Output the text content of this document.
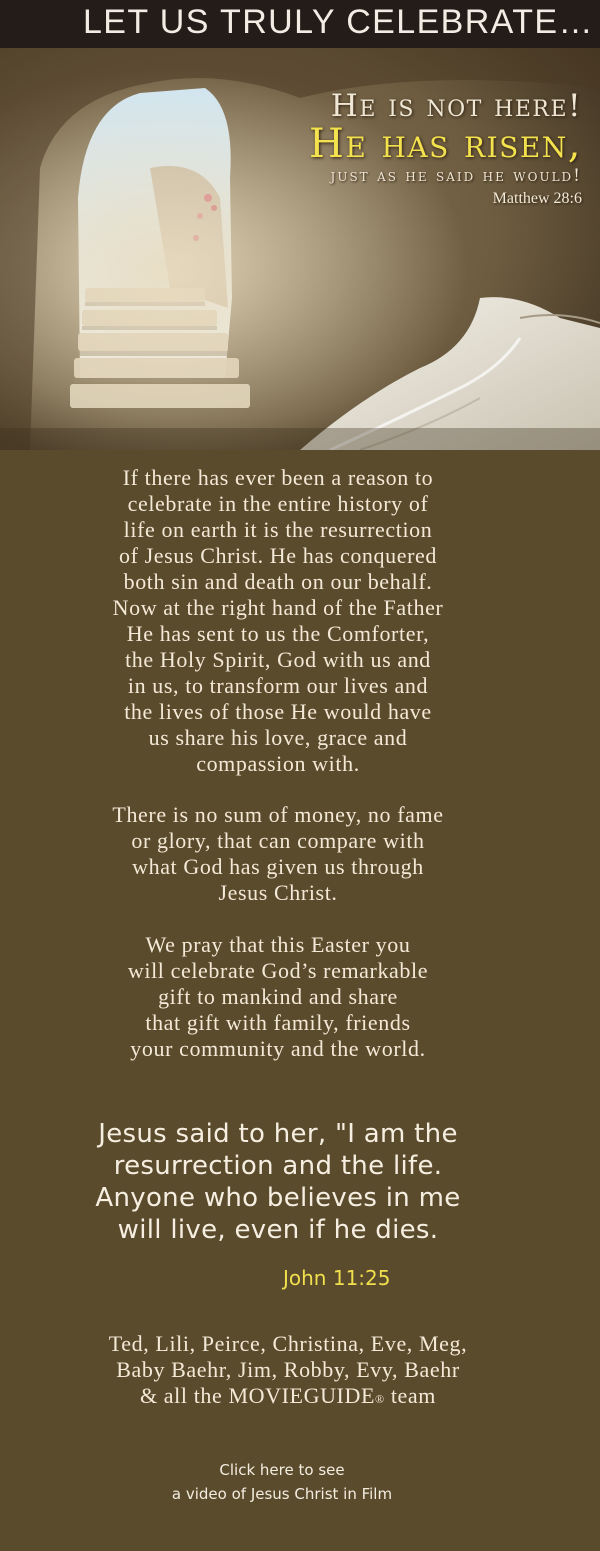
LET US TRULY CELEBRATE…
He is not here!
He has risen,
just as he said he would!
Matthew 28:6
If there has ever been a reason to
celebrate in the entire history of
life on earth it is the resurrection
of Jesus Christ. He has conquered
both sin and death on our behalf.
Now at the right hand of the Father
He has sent to us the Comforter,
the Holy Spirit, God with us and
in us, to transform our lives and
the lives of those He would have
us share his love, grace and
compassion with.
There is no sum of money, no fame
or glory, that can compare with
what God has given us through
Jesus Christ.
We pray that this Easter you
will celebrate God’s remarkable
gift to mankind and share
that gift with family, friends
your community and the world.
Jesus said to her, "I am the
resurrection and the life.
Anyone who believes in me
will live, even if he dies.
John 11:25
Ted, Lili, Peirce, Christina, Eve, Meg,
Baby Baehr, Jim, Robby, Evy, Baehr
& all the MOVIEGUIDE® team
Click here to see
a video of Jesus Christ in Film
